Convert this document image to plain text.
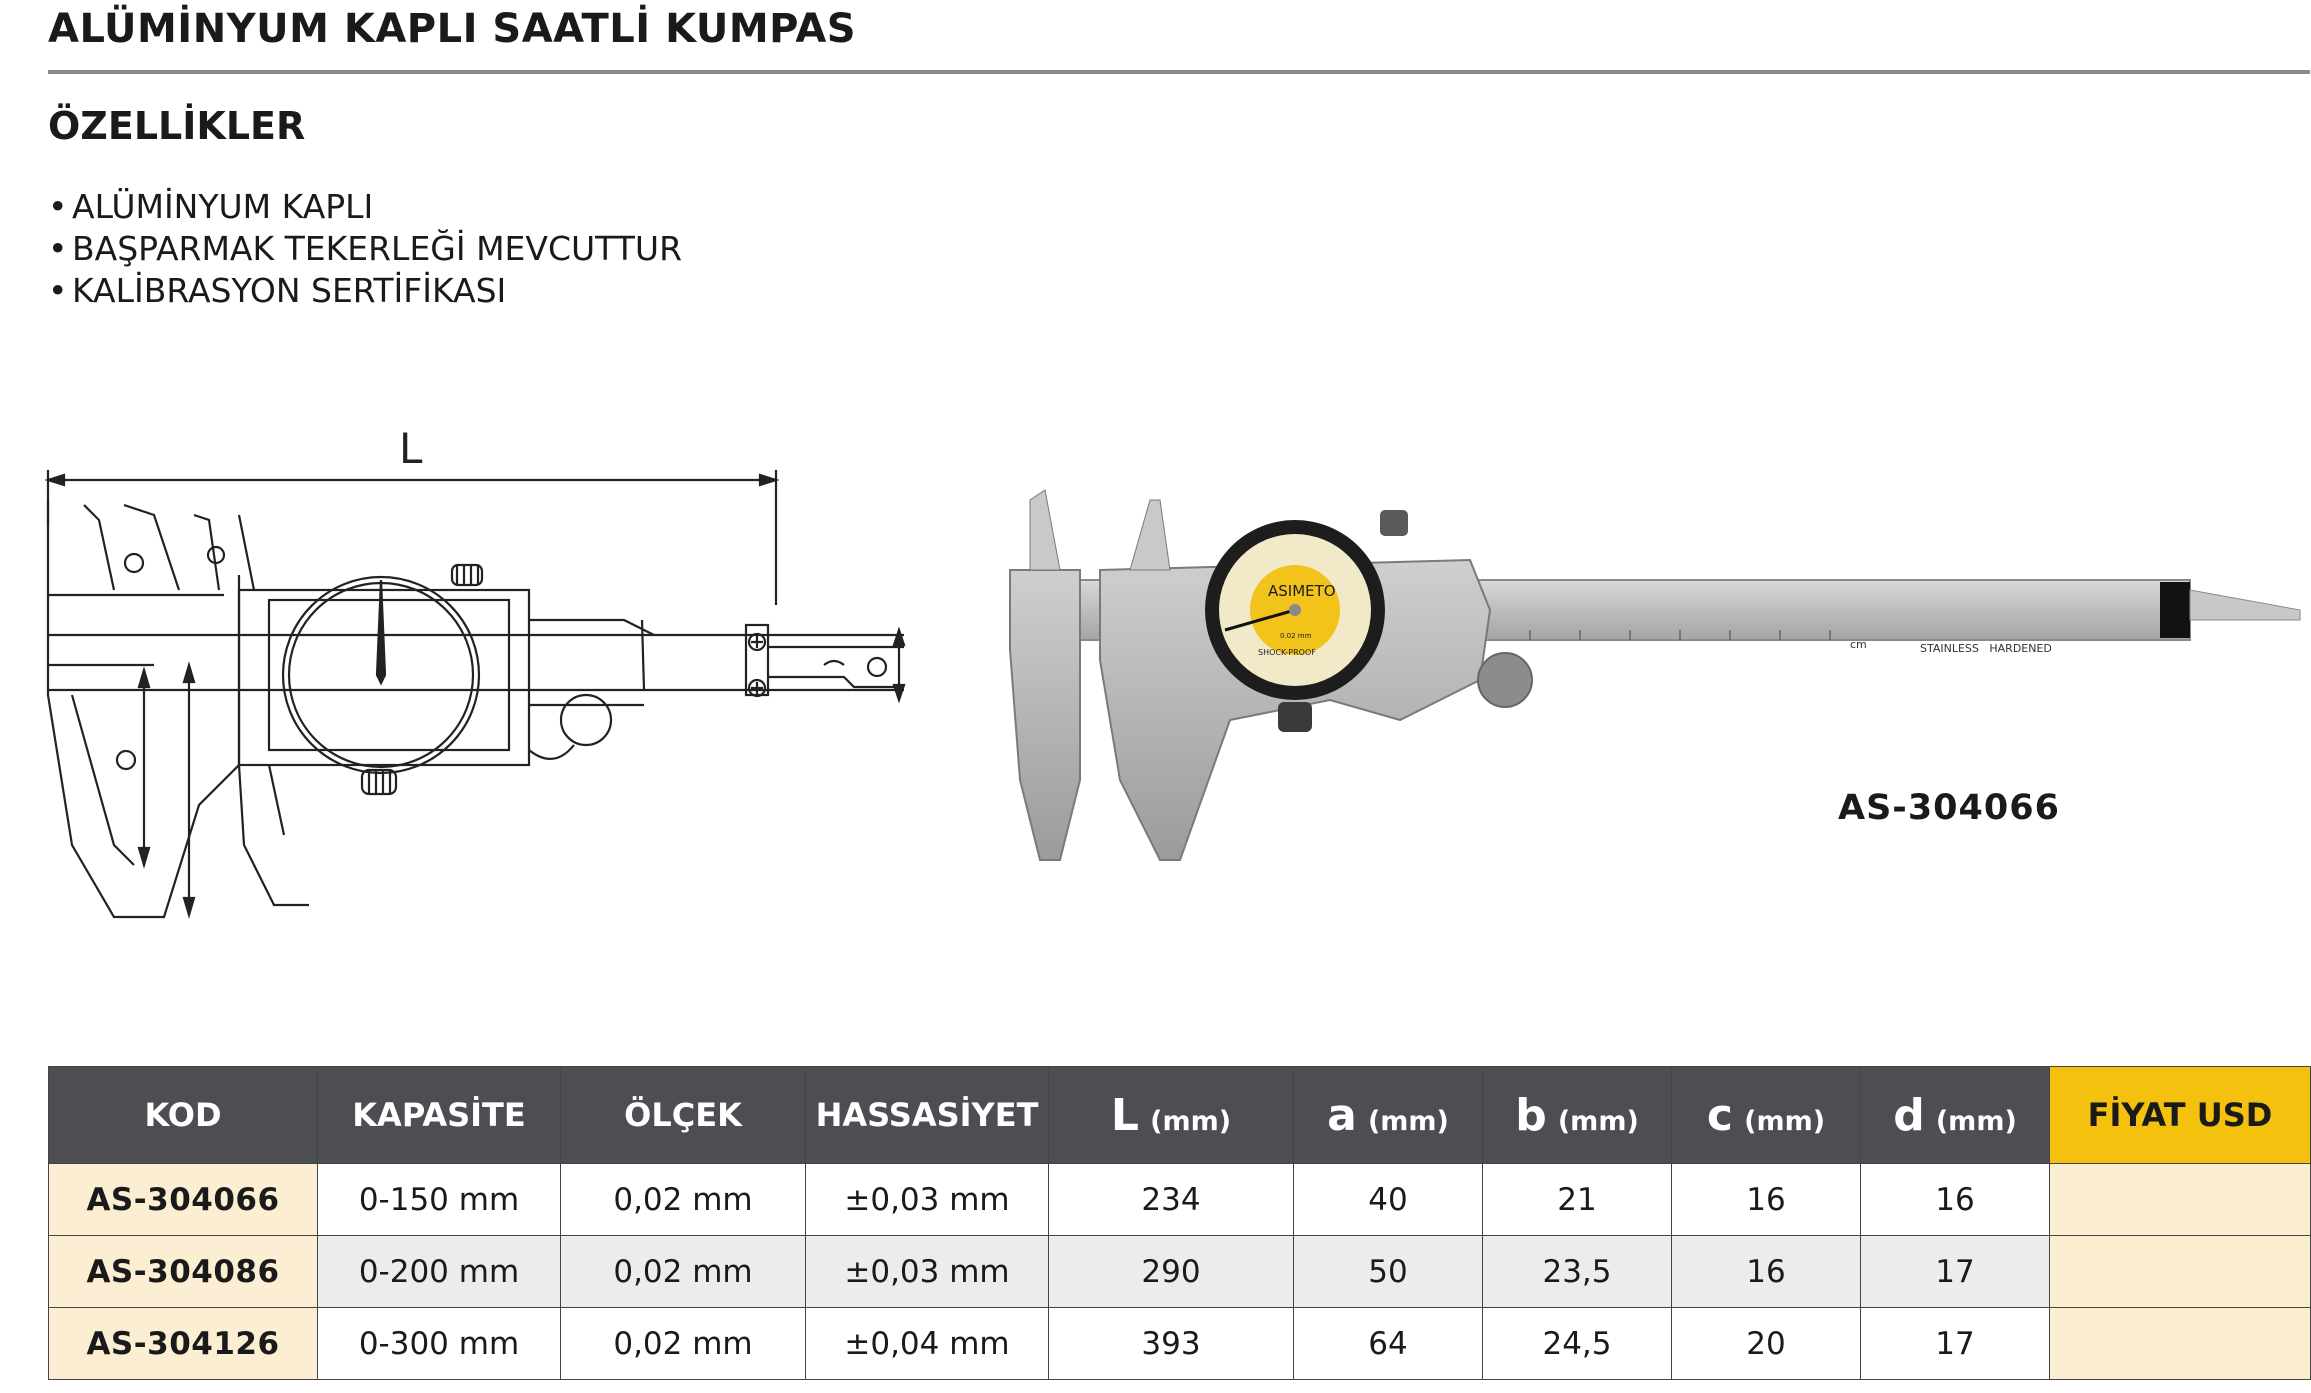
ALÜMİNYUM KAPLI SAATLİ KUMPAS
ÖZELLİKLER
• ALÜMİNYUM KAPLI
• BAŞPARMAK TEKERLEĞİ MEVCUTTUR
• KALİBRASYON SERTİFİKASI
L
cm	STAINLESS   HARDENED
ASIMETO
SHOCK-PROOF
0.02 mm
AS-304066
KOD	KAPASİTE	ÖLÇEK	HASSASİYET	L (mm)	a (mm)	b (mm)	c (mm)	d (mm)	FİYAT USD
AS-304066	0-150 mm	0,02 mm	±0,03 mm	234	40	21	16	16	
AS-304086	0-200 mm	0,02 mm	±0,03 mm	290	50	23,5	16	17	
AS-304126	0-300 mm	0,02 mm	±0,04 mm	393	64	24,5	20	17	
